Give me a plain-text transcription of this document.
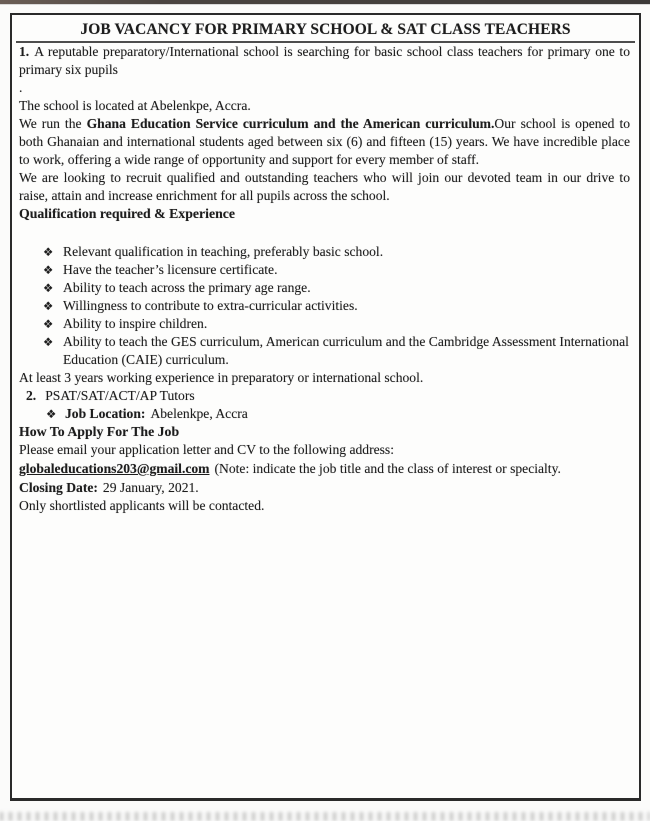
JOB VACANCY FOR PRIMARY SCHOOL & SAT CLASS TEACHERS

1. A reputable preparatory/International school is searching for basic school class teachers for primary one to primary six pupils

.

The school is located at Abelenkpe, Accra.

We run the Ghana Education Service curriculum and the American curriculum.Our school is opened to both Ghanaian and international students aged between six (6) and fifteen (15) years. We have incredible place to work, offering a wide range of opportunity and support for every member of staff.

We are looking to recruit qualified and outstanding teachers who will join our devoted team in our drive to raise, attain and increase enrichment for all pupils across the school.

Qualification required & Experience

❖ Relevant qualification in teaching, preferably basic school.
❖ Have the teacher’s licensure certificate.
❖ Ability to teach across the primary age range.
❖ Willingness to contribute to extra-curricular activities.
❖ Ability to inspire children.
❖ Ability to teach the GES curriculum, American curriculum and the Cambridge Assessment International Education (CAIE) curriculum.

At least 3 years working experience in preparatory or international school.

2. PSAT/SAT/ACT/AP Tutors

❖ Job Location: Abelenkpe, Accra

How To Apply For The Job

Please email your application letter and CV to the following address:

globaleducations203@gmail.com (Note: indicate the job title and the class of interest or specialty.

Closing Date: 29 January, 2021.

Only shortlisted applicants will be contacted.
